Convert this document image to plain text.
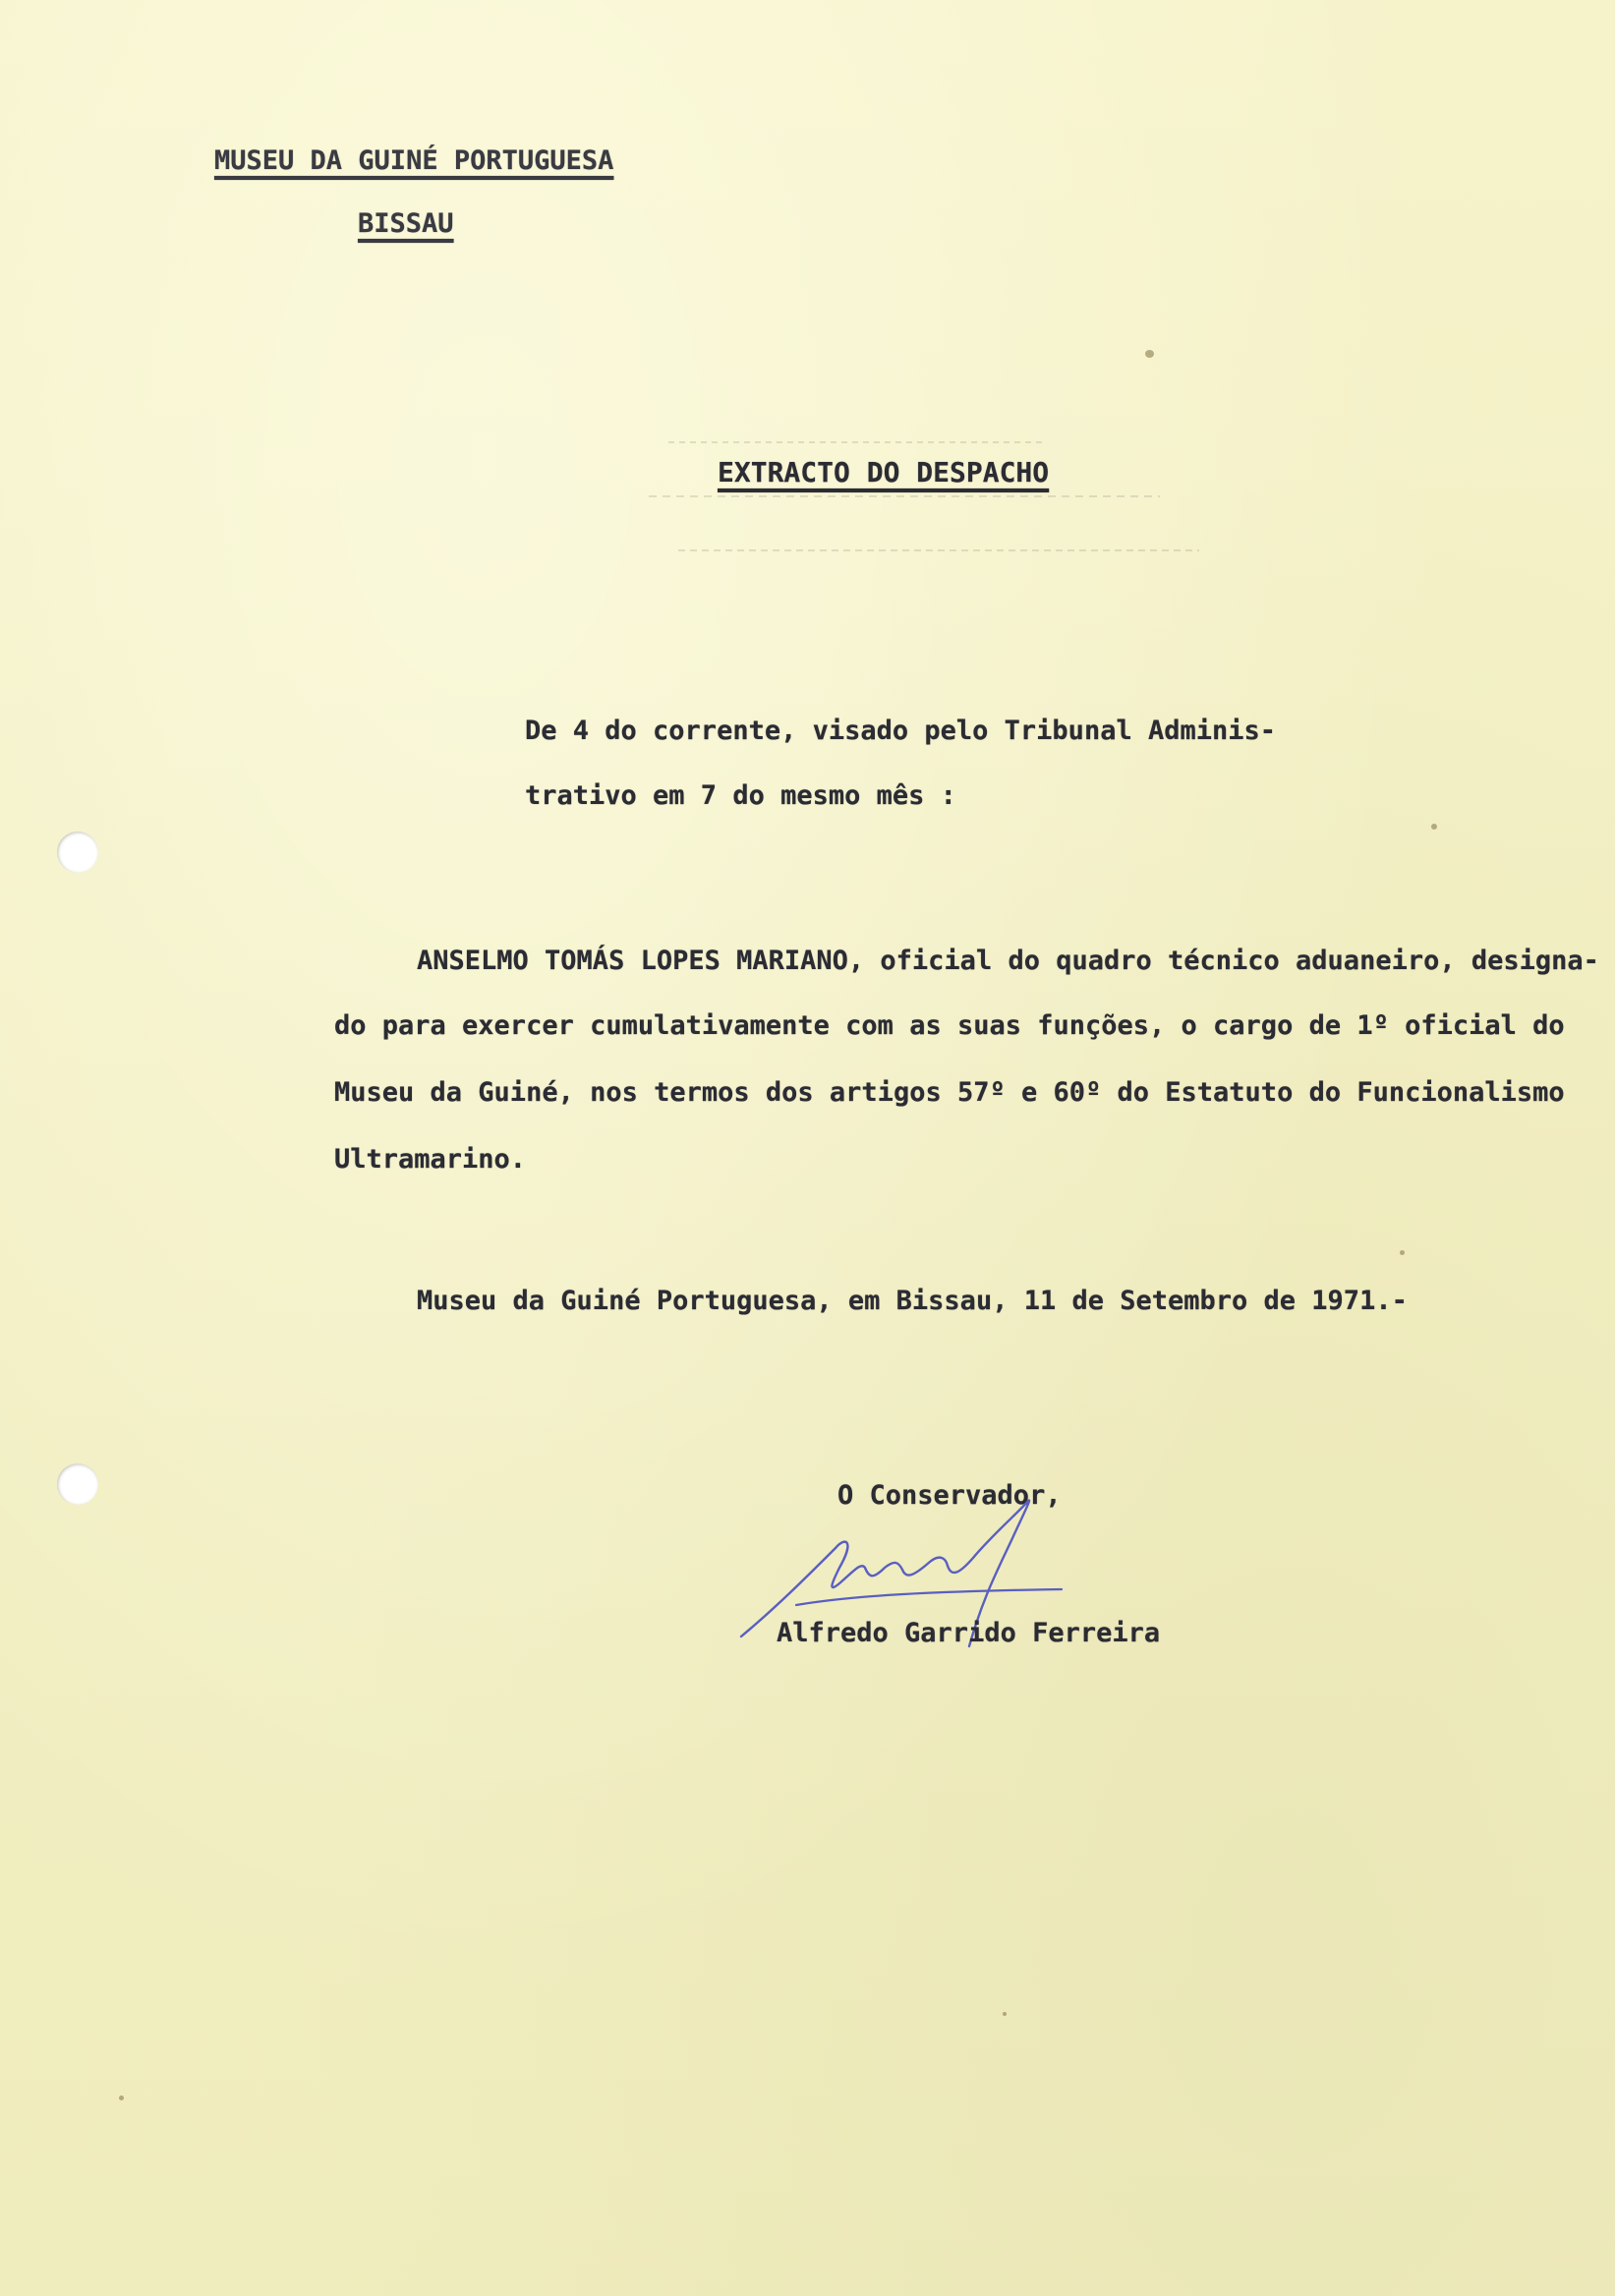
MUSEU DA GUINÉ PORTUGUESA
BISSAU
EXTRACTO DO DESPACHO
De 4 do corrente, visado pelo Tribunal Adminis-
trativo em 7 do mesmo mês :
ANSELMO TOMÁS LOPES MARIANO, oficial do quadro técnico aduaneiro, designa-
do para exercer cumulativamente com as suas funções, o cargo de 1º oficial do
Museu da Guiné, nos termos dos artigos 57º e 60º do Estatuto do Funcionalismo
Ultramarino.
Museu da Guiné Portuguesa, em Bissau, 11 de Setembro de 1971.-
O Conservador,
Alfredo Garrido Ferreira
